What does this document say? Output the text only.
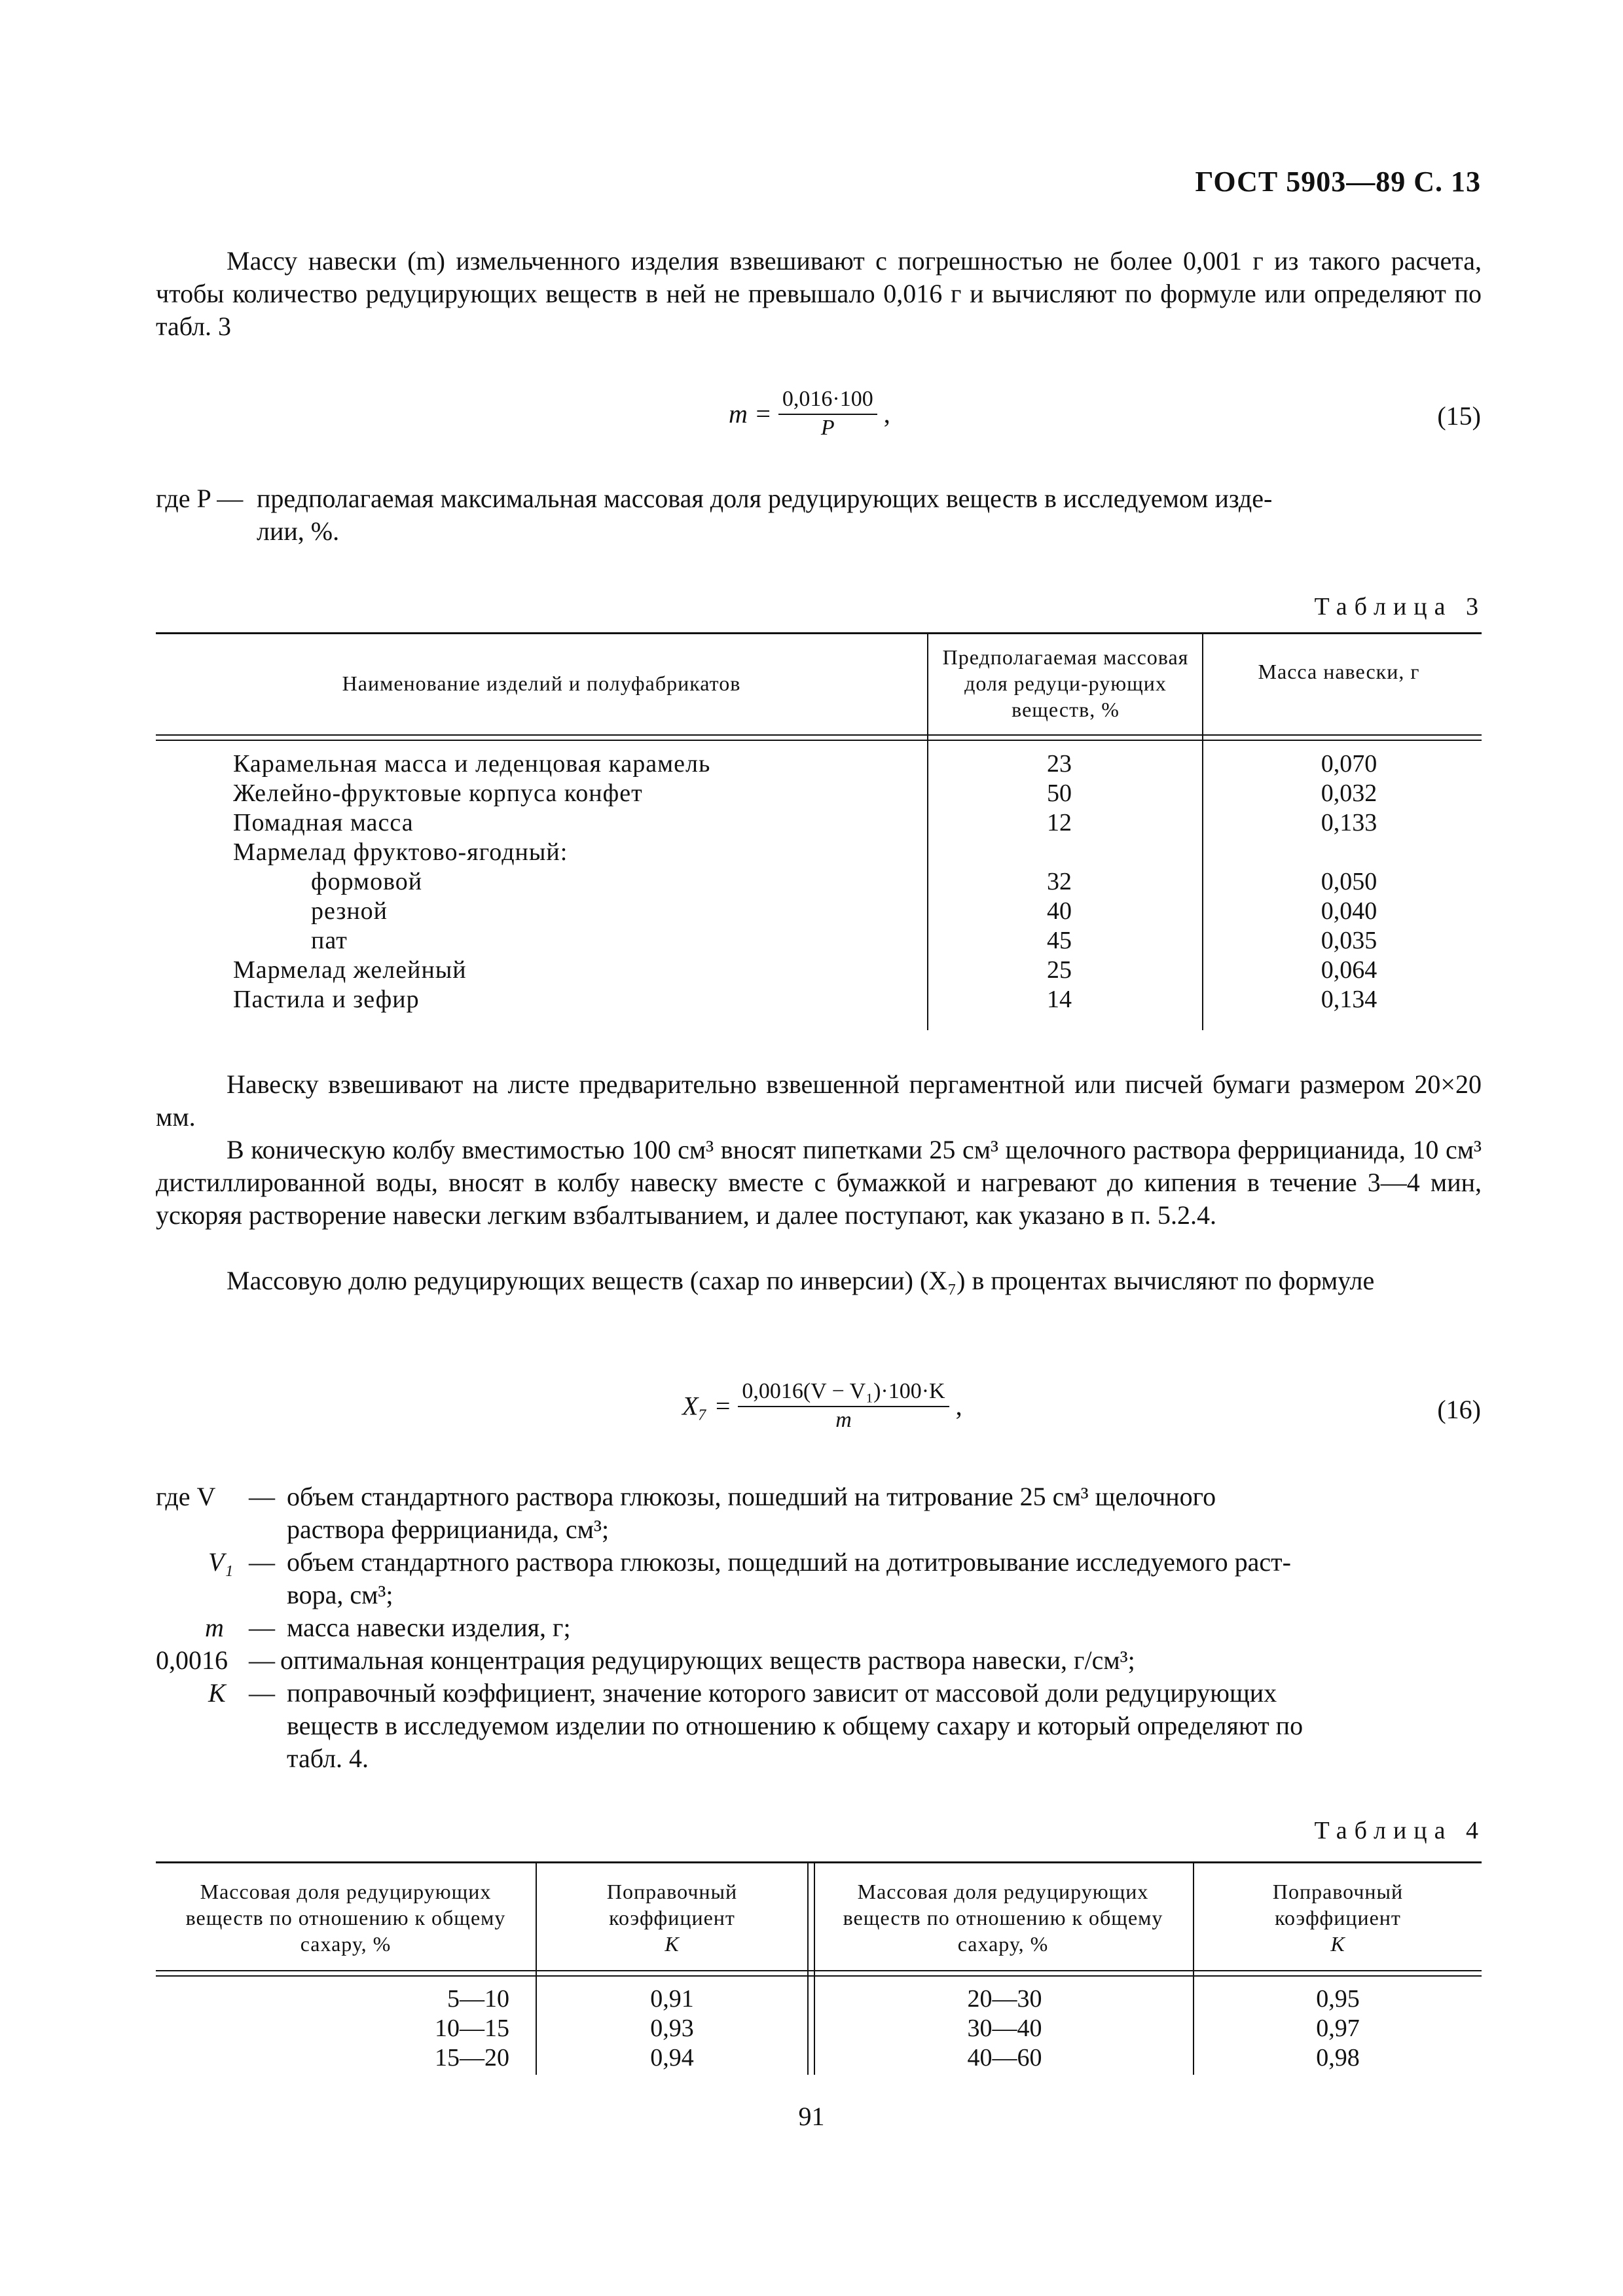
ГОСТ 5903—89 С. 13
Массу навески (m) измельченного изделия взвешивают с погрешностью не более 0,001 г из такого расчета, чтобы количество редуцирующих веществ в ней не превышало 0,016 г и вычисляют по формуле или определяют по табл. 3
$m = \frac{0,016\cdot 100}{P}$ ,	(15)
где P — предполагаемая максимальная массовая доля редуцирующих веществ в исследуемом изде-
лии, %.
Таблица 3
Наименование изделий и полуфабрикатов
Предполагаемая массовая доля редуци-рующих веществ, %
Масса навески, г
Карамельная масса и леденцовая карамель	23	0,070
Желейно-фруктовые корпуса конфет	50	0,032
Помадная масса	12	0,133
Мармелад фруктово-ягодный:
формовой	32	0,050
резной	40	0,040
пат	45	0,035
Мармелад желейный	25	0,064
Пастила и зефир	14	0,134
Навеску взвешивают на листе предварительно взвешенной пергаментной или писчей бумаги размером 20×20 мм.
В коническую колбу вместимостью 100 см³ вносят пипетками 25 см³ щелочного раствора феррицианида, 10 см³ дистиллированной воды, вносят в колбу навеску вместе с бумажкой и нагревают до кипения в течение 3—4 мин, ускоряя растворение навески легким взбалтыванием, и далее поступают, как указано в п. 5.2.4.
Массовую долю редуцирующих веществ (сахар по инверсии) (X₇) в процентах вычисляют по формуле
$X_7 = \frac{\text{0,0016(V − V₁)·100·K}}{m}$ ,	(16)
где V — объем стандартного раствора глюкозы, пошедший на титрование 25 см³ щелочного
раствора феррицианида, см³;
V₁ — объем стандартного раствора глюкозы, пощедший на дотитровывание исследуемого раст-
вора, см³;
m — масса навески изделия, г;
0,0016 — оптимальная концентрация редуцирующих веществ раствора навески, г/см³;
K — поправочный коэффициент, значение которого зависит от массовой доли редуцирующих
веществ в исследуемом изделии по отношению к общему сахару и который определяют по
табл. 4.
Таблица 4
Массовая доля редуцирующих веществ по отношению к общему сахару, %
Поправочный коэффициент
K
Массовая доля редуцирующих веществ по отношению к общему сахару, %
Поправочный коэффициент
K
5—10	0,91	20—30	0,95
10—15	0,93	30—40	0,97
15—20	0,94	40—60	0,98
91
